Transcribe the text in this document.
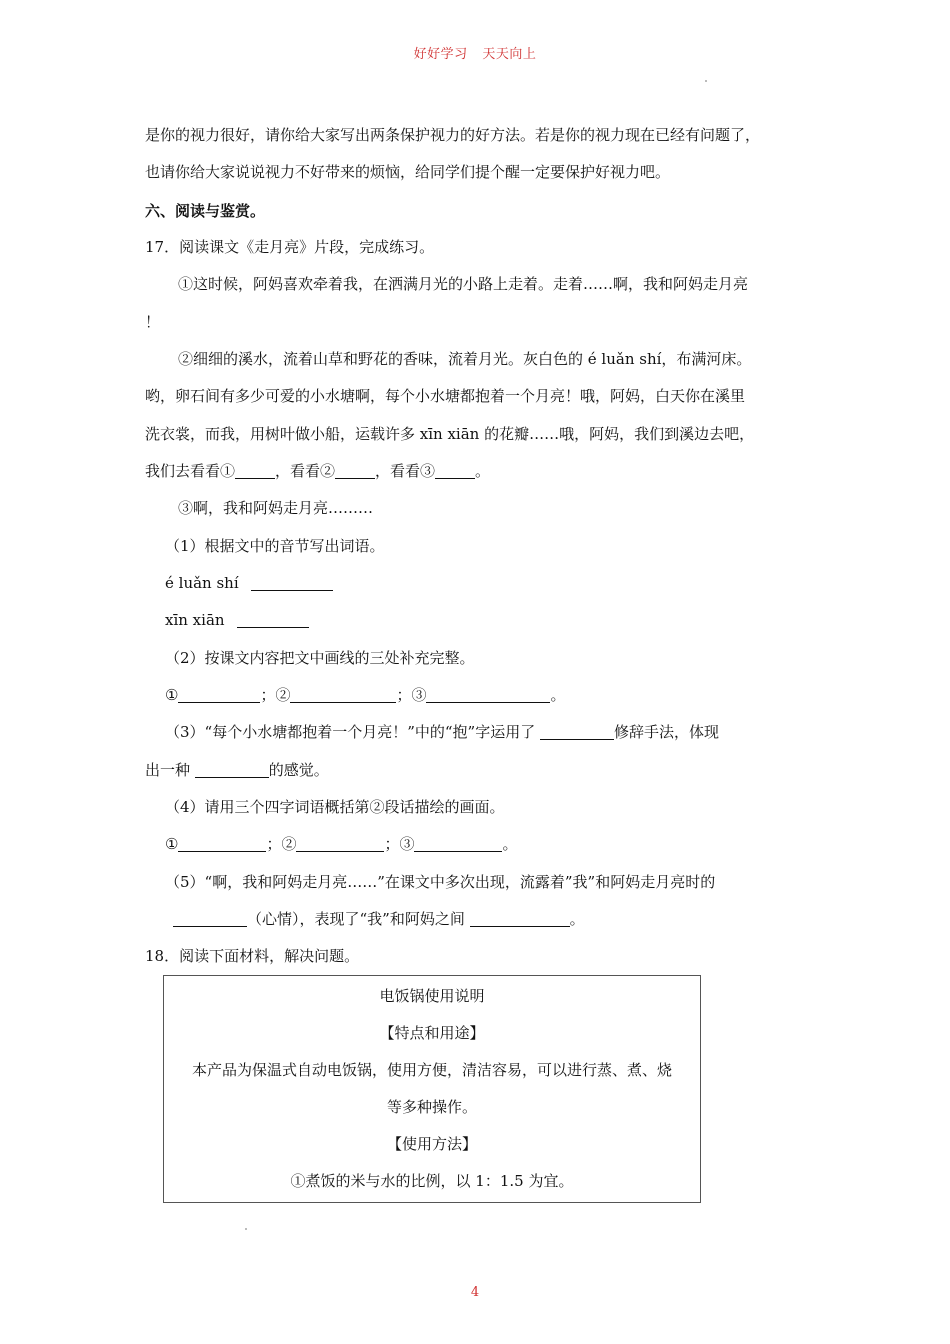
好好学习 天天向上
是你的视力很好，请你给大家写出两条保护视力的好方法。若是你的视力现在已经有问题了，
也请你给大家说说视力不好带来的烦恼，给同学们提个醒一定要保护好视力吧。
六、阅读与鉴赏。
17．阅读课文《走月亮》片段，完成练习。
①这时候，阿妈喜欢牵着我，在洒满月光的小路上走着。走着……啊，我和阿妈走月亮
！
②细细的溪水，流着山草和野花的香味，流着月光。灰白色的 é luǎn shí，布满河床。
哟，卵石间有多少可爱的小水塘啊，每个小水塘都抱着一个月亮！哦，阿妈，白天你在溪里
洗衣裳，而我，用树叶做小船，运载许多 xīn xiān 的花瓣……哦，阿妈，我们到溪边去吧，
我们去看看①	，看看②	，看看③	。
③啊，我和阿妈走月亮………
（1）根据文中的音节写出词语。
é luǎn shí
xīn xiān
（2）按课文内容把文中画线的三处补充完整。
①	；②	；③	。
（3）“每个小水塘都抱着一个月亮！”中的“抱”字运用了	修辞手法，体现
出一种	的感觉。
（4）请用三个四字词语概括第②段话描绘的画面。
①	；②	；③	。
（5）“啊，我和阿妈走月亮……”在课文中多次出现，流露着”我”和阿妈走月亮时的
（心情），表现了“我”和阿妈之间	。
18．阅读下面材料，解决问题。
电饭锅使用说明
【特点和用途】
本产品为保温式自动电饭锅，使用方便，清洁容易，可以进行蒸、煮、烧
等多种操作。
【使用方法】
①煮饭的米与水的比例，以 1：1.5 为宜。
4
